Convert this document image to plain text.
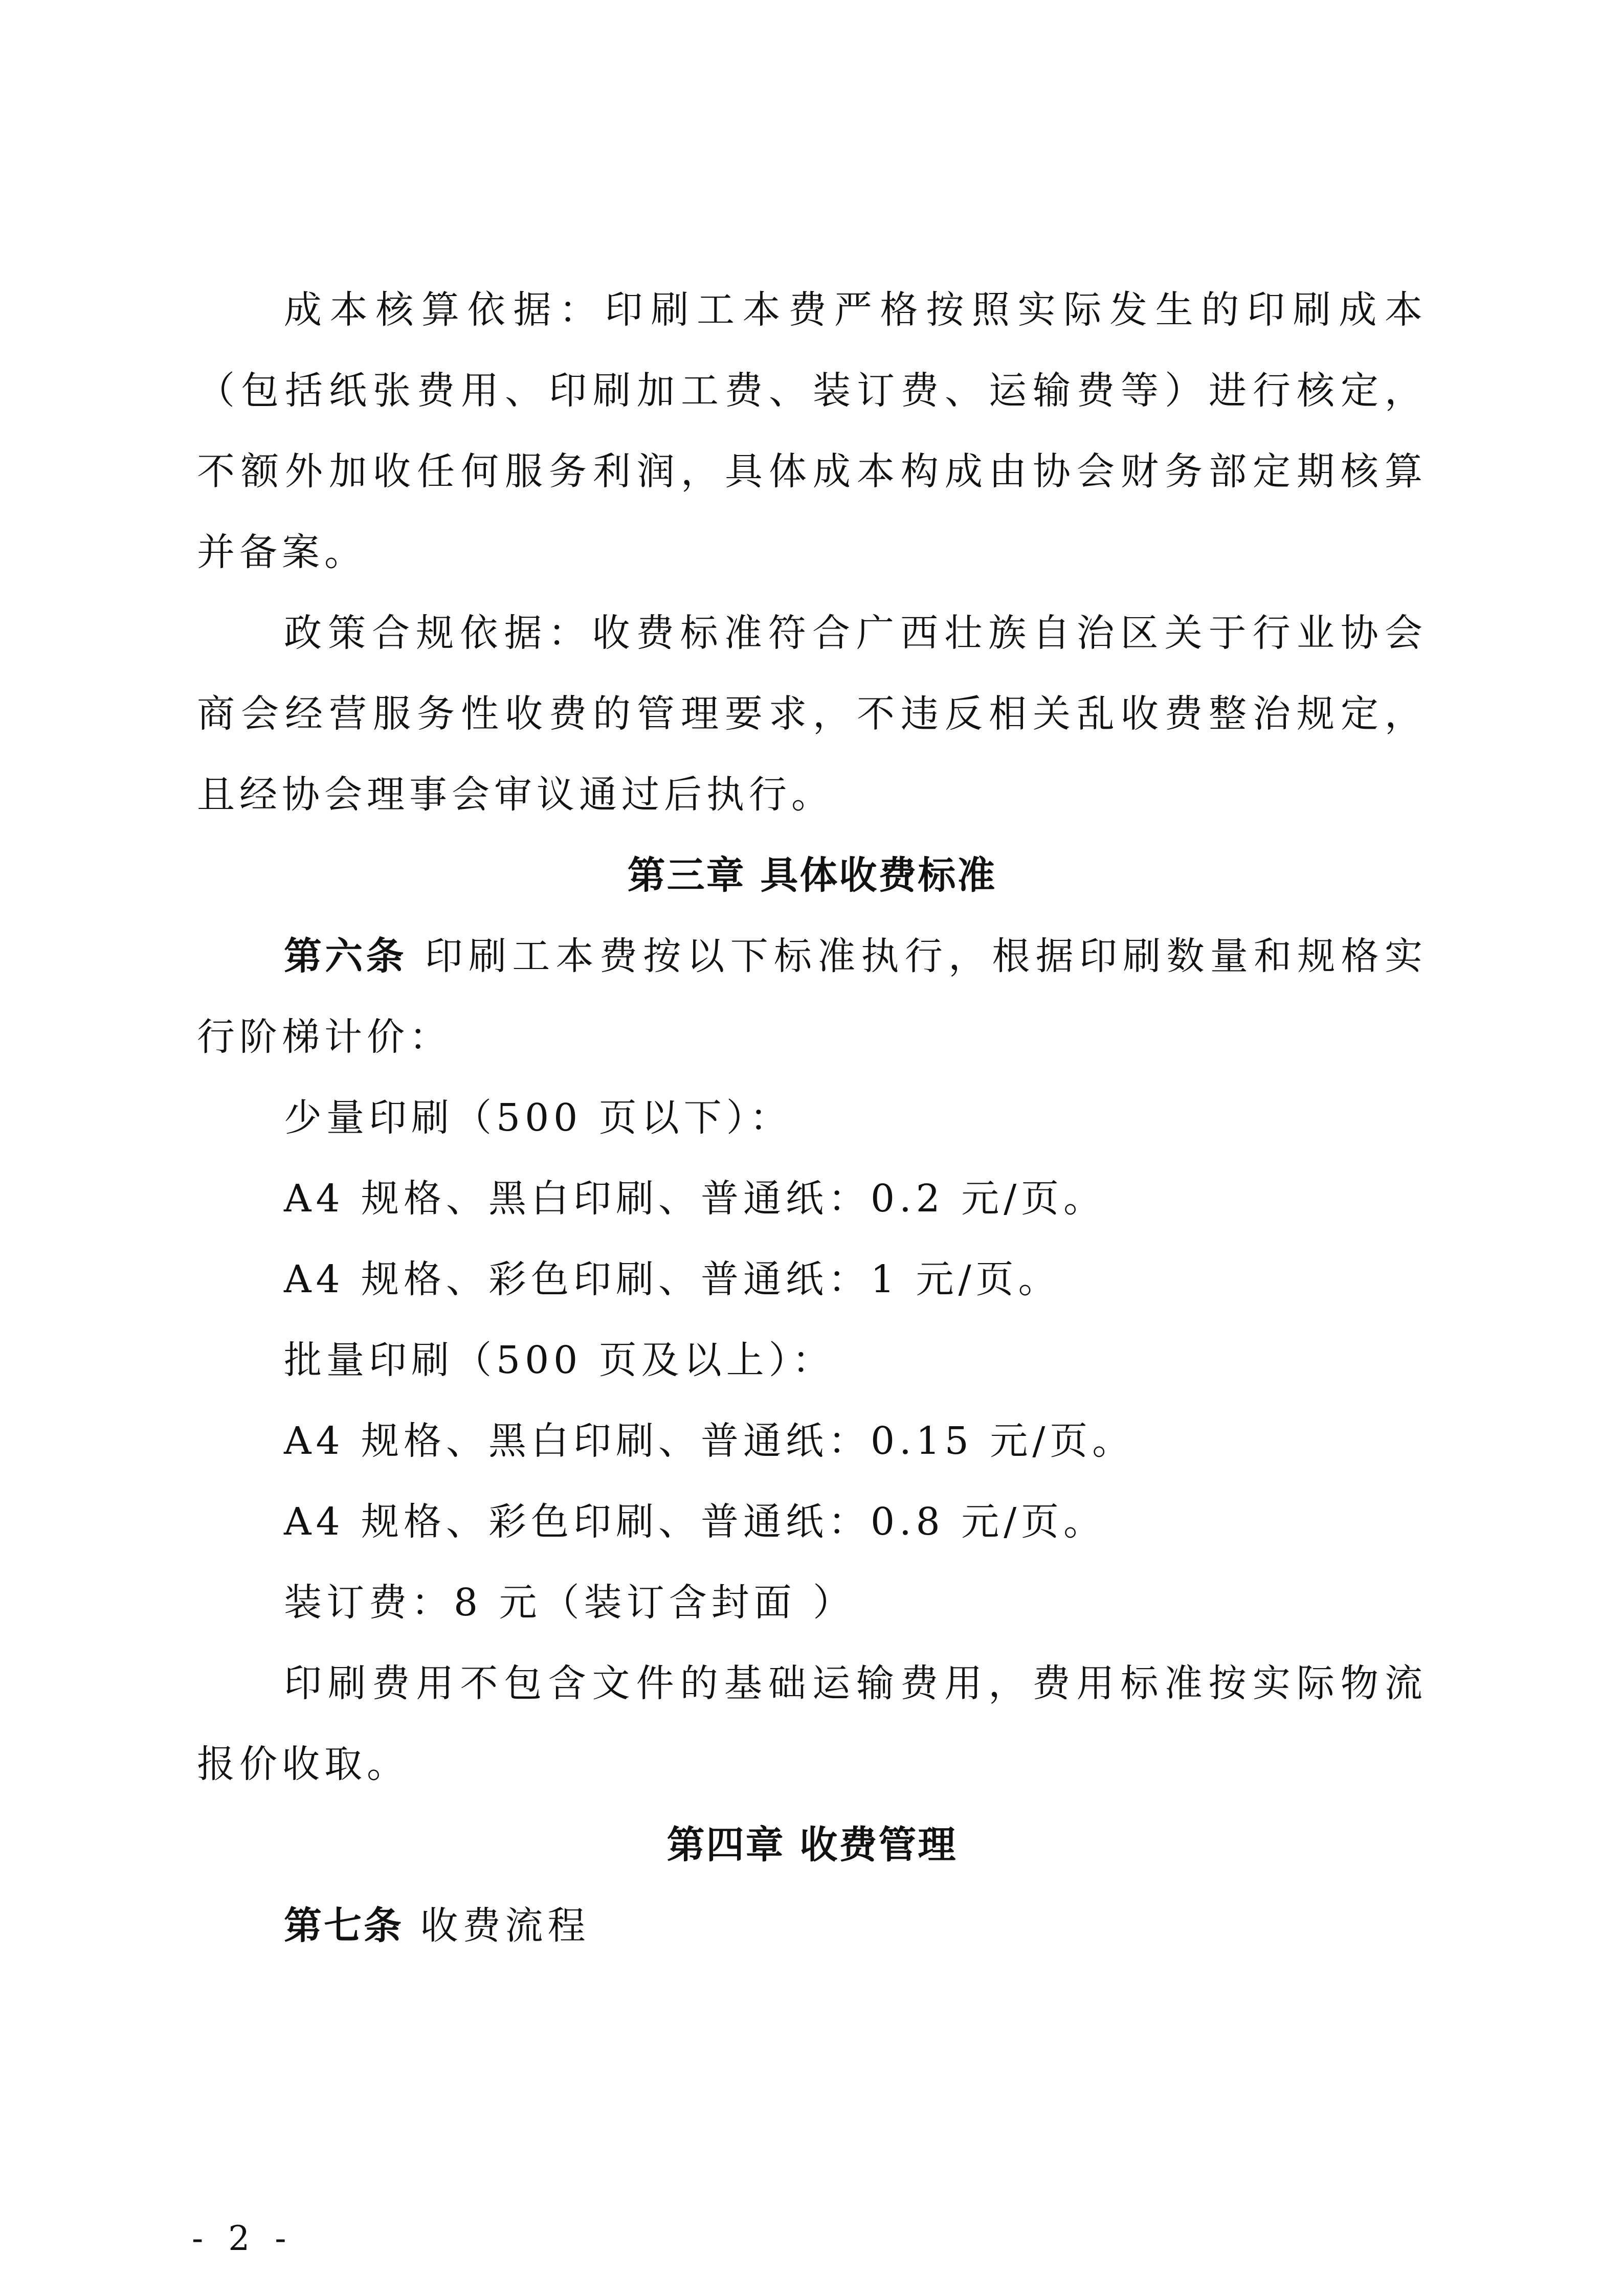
成本核算依据：印刷工本费严格按照实际发生的印刷成本（包括纸张费用、印刷加工费、装订费、运输费等）进行核定，不额外加收任何服务利润，具体成本构成由协会财务部定期核算并备案。

政策合规依据：收费标准符合广西壮族自治区关于行业协会商会经营服务性收费的管理要求，不违反相关乱收费整治规定，且经协会理事会审议通过后执行。

第三章 具体收费标准

第六条 印刷工本费按以下标准执行，根据印刷数量和规格实行阶梯计价：

少量印刷（500 页以下）：

A4 规格、黑白印刷、普通纸：0.2 元/页。

A4 规格、彩色印刷、普通纸：1 元/页。

批量印刷（500 页及以上）：

A4 规格、黑白印刷、普通纸：0.15 元/页。

A4 规格、彩色印刷、普通纸：0.8 元/页。

装订费：8 元（装订含封面 ）

印刷费用不包含文件的基础运输费用，费用标准按实际物流报价收取。

第四章 收费管理

第七条 收费流程

- 2 -
